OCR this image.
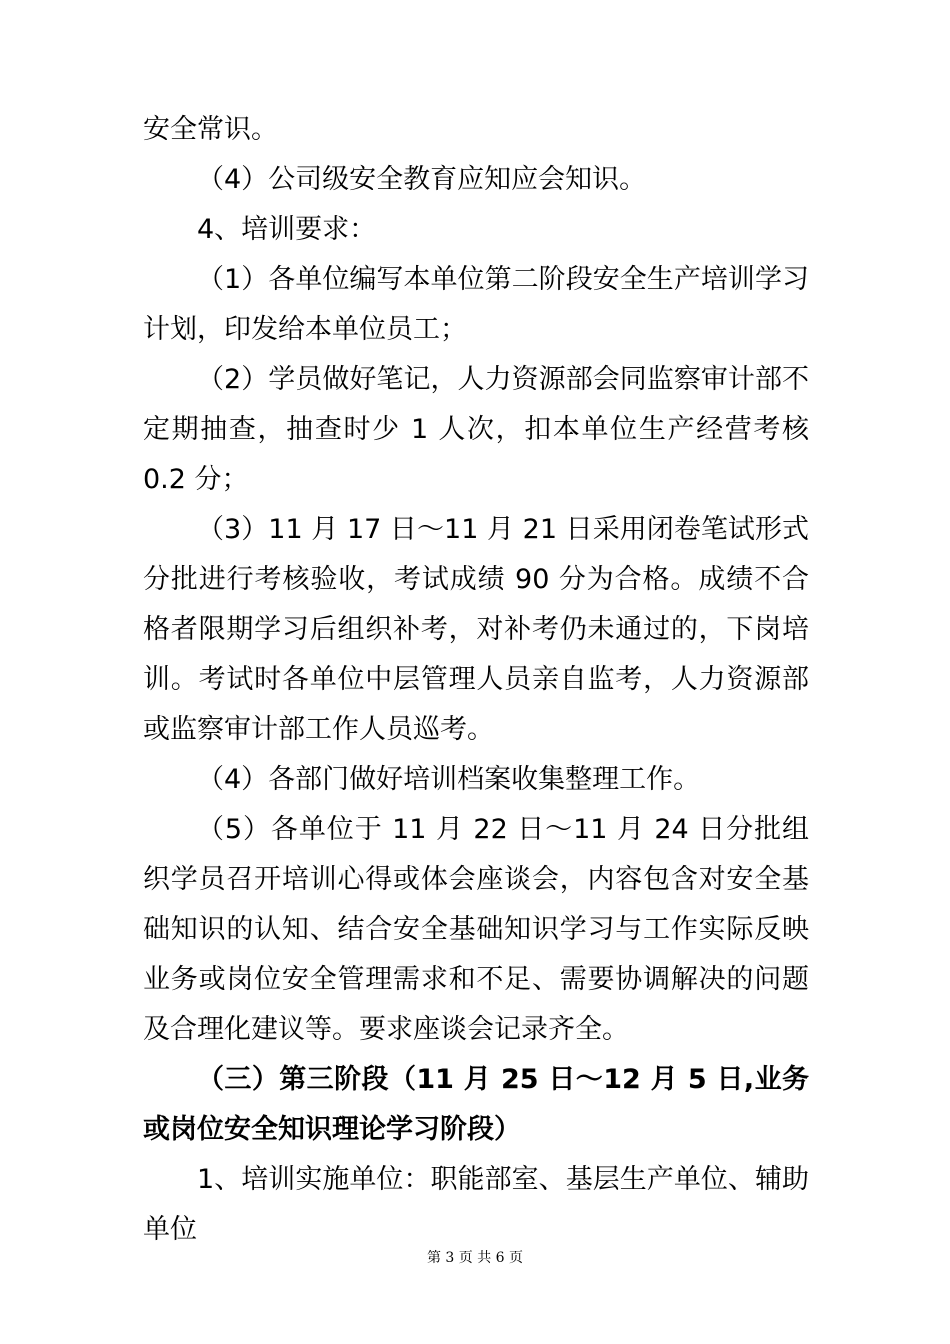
安全常识。

（4）公司级安全教育应知应会知识。

4、培训要求：

（1）各单位编写本单位第二阶段安全生产培训学习计划，印发给本单位员工；

（2）学员做好笔记，人力资源部会同监察审计部不定期抽查，抽查时少 1 人次，扣本单位生产经营考核 0.2 分；

（3）11 月 17 日～11 月 21 日采用闭卷笔试形式分批进行考核验收，考试成绩 90 分为合格。成绩不合格者限期学习后组织补考，对补考仍未通过的，下岗培训。考试时各单位中层管理人员亲自监考，人力资源部或监察审计部工作人员巡考。

（4）各部门做好培训档案收集整理工作。

（5）各单位于 11 月 22 日～11 月 24 日分批组织学员召开培训心得或体会座谈会，内容包含对安全基础知识的认知、结合安全基础知识学习与工作实际反映业务或岗位安全管理需求和不足、需要协调解决的问题及合理化建议等。要求座谈会记录齐全。

（三）第三阶段（11 月 25 日～12 月 5 日,业务或岗位安全知识理论学习阶段）

1、培训实施单位：职能部室、基层生产单位、辅助单位

第 3 页 共 6 页
